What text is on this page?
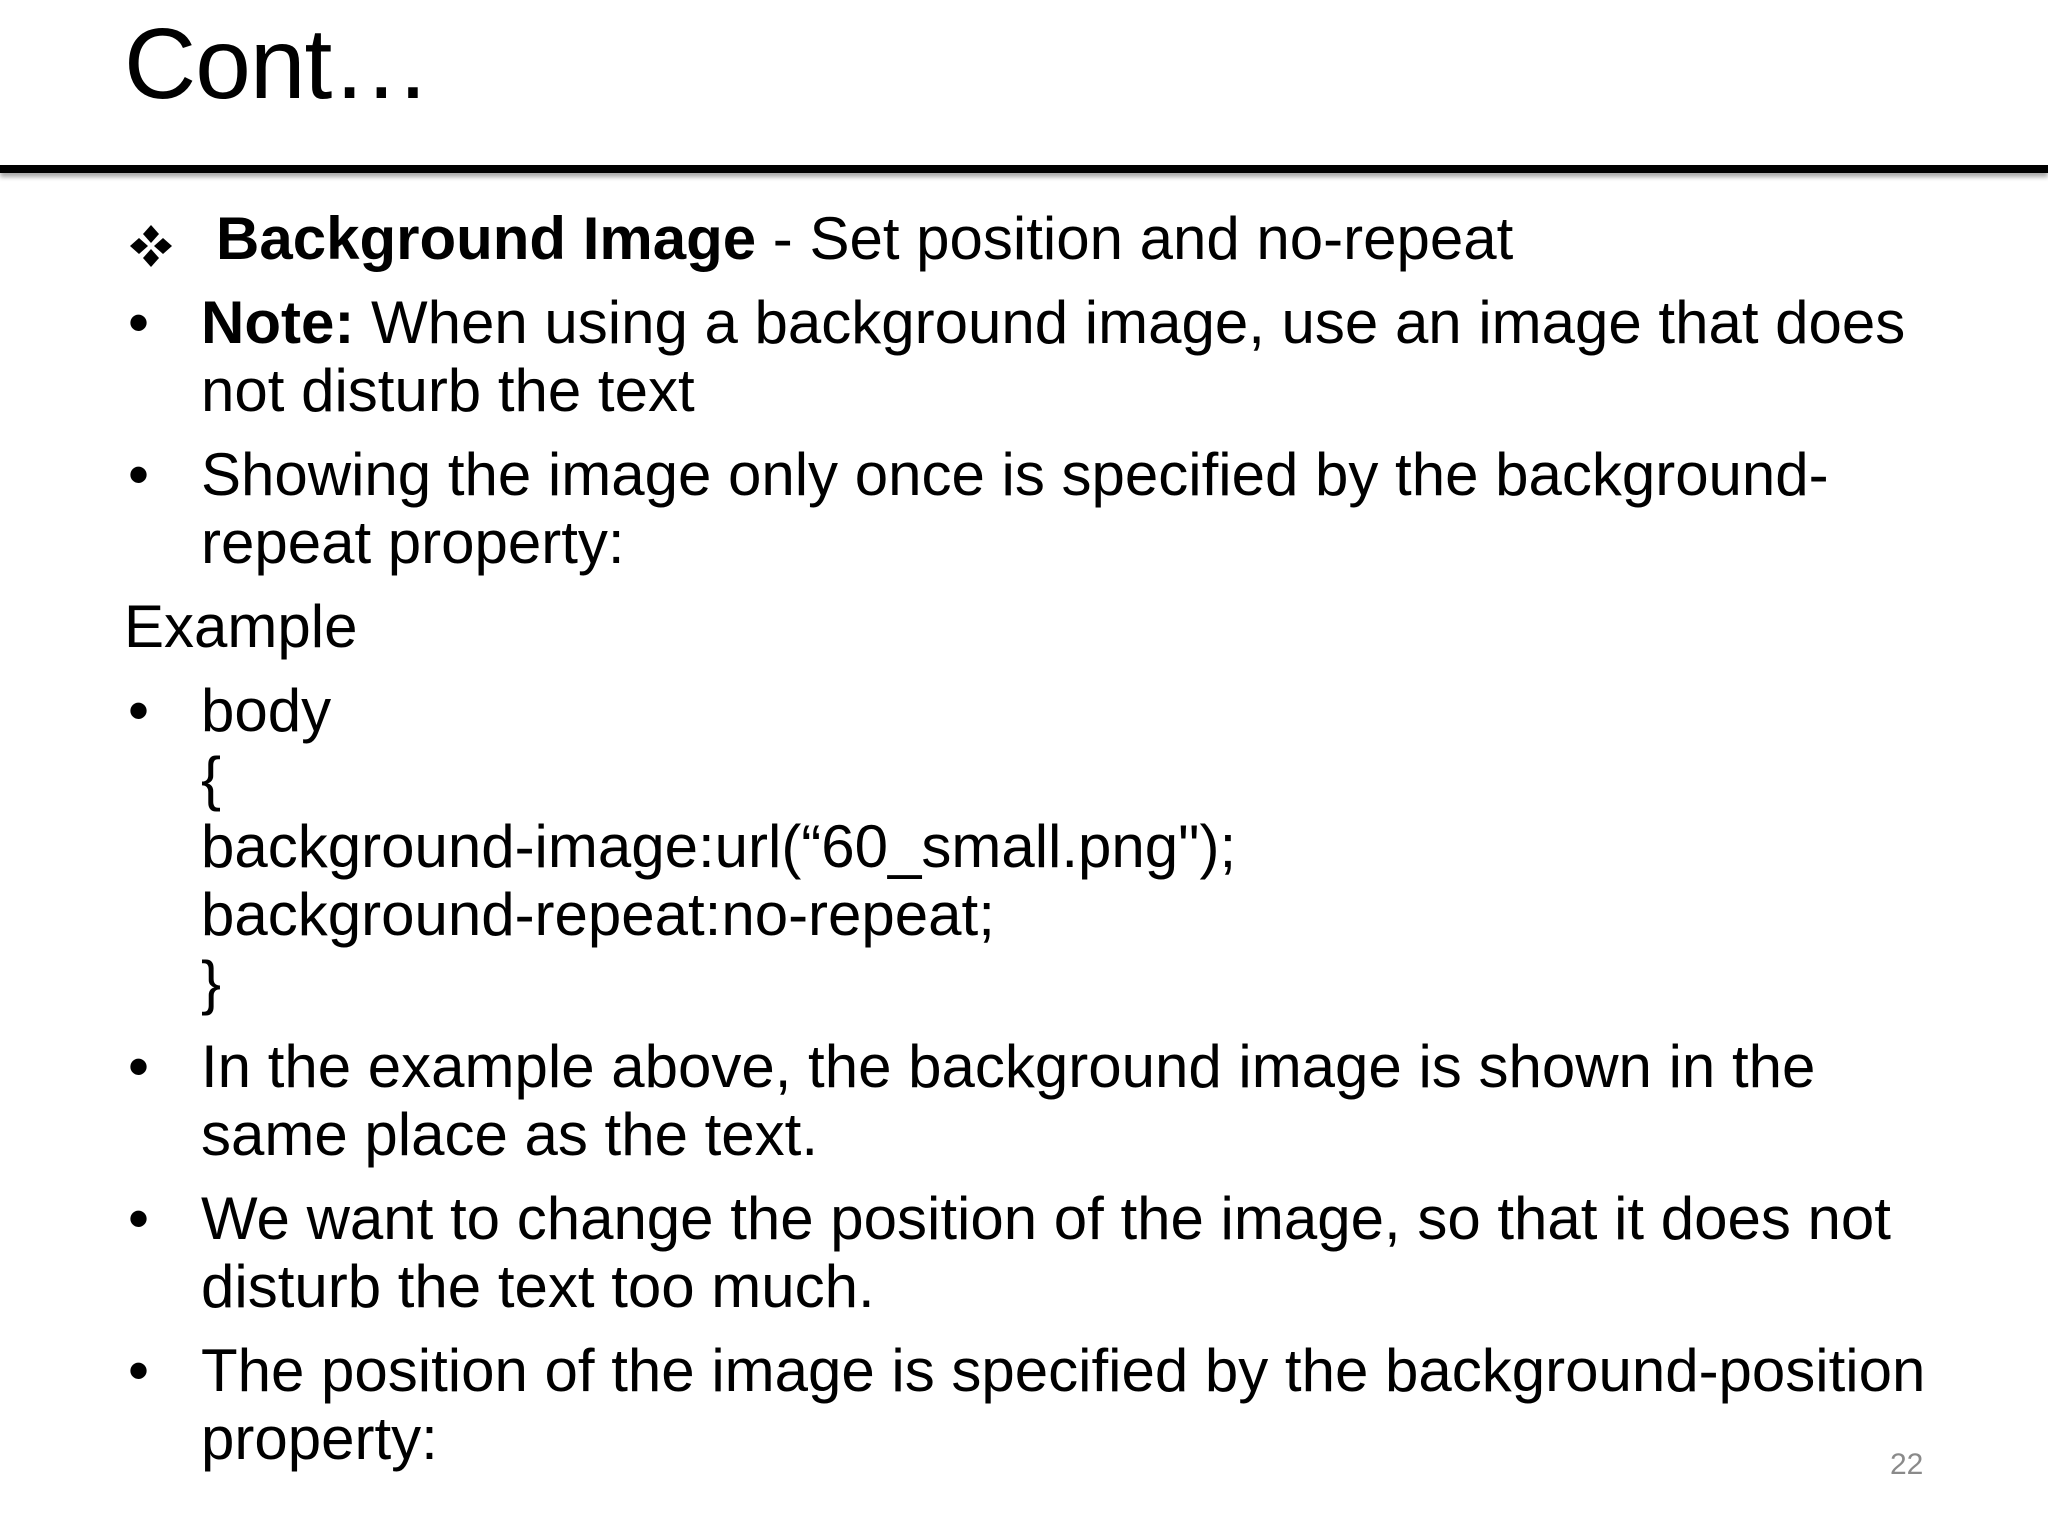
Cont…
Background Image - Set position and no-repeat
• Note: When using a background image, use an image that does not disturb the text
• Showing the image only once is specified by the background-repeat property:
Example
• body
{
background-image:url(“60_small.png");
background-repeat:no-repeat;
}
• In the example above, the background image is shown in the same place as the text.
• We want to change the position of the image, so that it does not disturb the text too much.
• The position of the image is specified by the background-position property:	22
